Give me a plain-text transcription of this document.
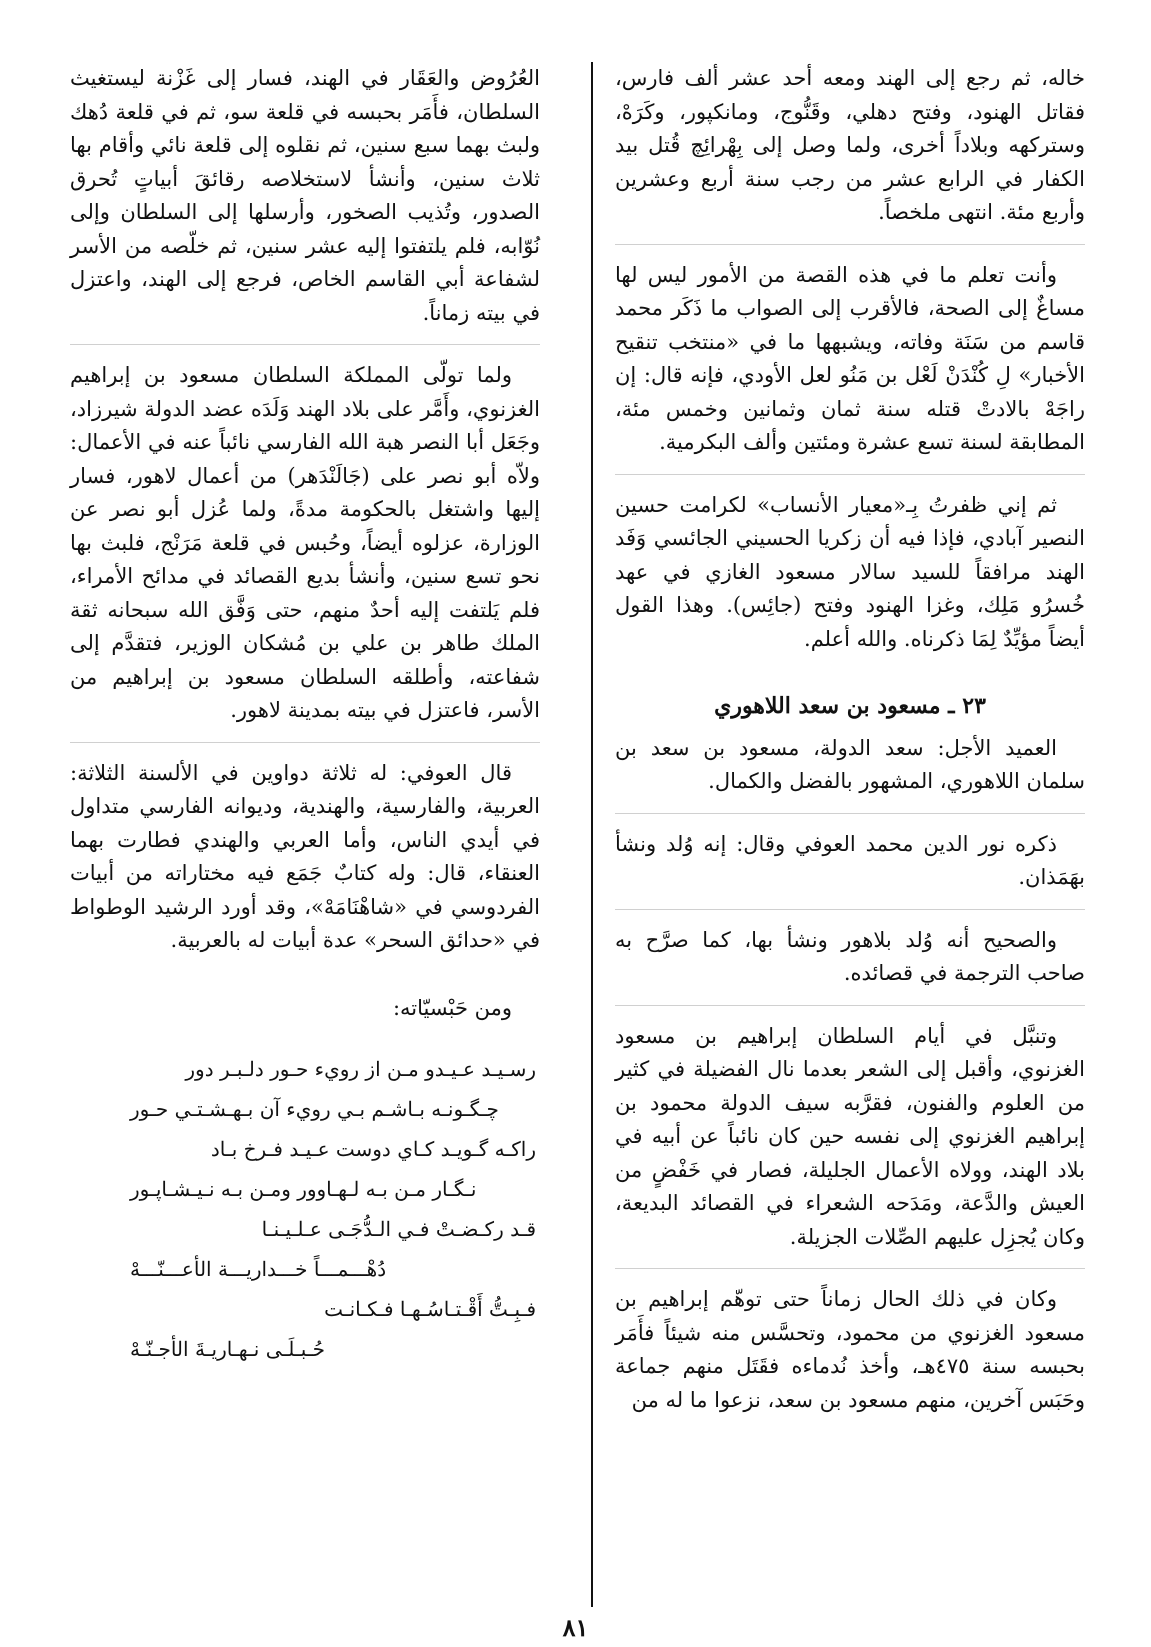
خاله، ثم رجع إلى الهند ومعه أحد عشر ألف فارس، فقاتل الهنود، وفتح دهلي، وقَنُّوج، ومانكپور، وكَرَهْ، وستركهه وبلاداً أخرى، ولما وصل إلى بِهْرائِچ قُتل بيد الكفار في الرابع عشر من رجب سنة أربع وعشرين وأربع مئة. انتهى ملخصاً.

وأنت تعلم ما في هذه القصة من الأمور ليس لها مساغٌ إلى الصحة، فالأقرب إلى الصواب ما ذَكَر محمد قاسم من سَنَة وفاته، ويشبهها ما في «منتخب تنقيح الأخبار» لِ كُنْدَنْ لَعْل بن مَنُو لعل الأودي، فإنه قال: إن راجَهْ بالادتْ قتله سنة ثمان وثمانين وخمس مئة، المطابقة لسنة تسع عشرة ومئتين وألف البكرمية.

ثم إني ظفرتُ بِـ«معيار الأنساب» لكرامت حسين النصير آبادي، فإذا فيه أن زكريا الحسيني الجائسي وَفَد الهند مرافقاً للسيد سالار مسعود الغازي في عهد خُسرُو مَلِك، وغزا الهنود وفتح (جائِس). وهذا القول أيضاً مؤيِّدٌ لِمَا ذكرناه. والله أعلم.

٢٣ ـ مسعود بن سعد اللاهوري

العميد الأجل: سعد الدولة، مسعود بن سعد بن سلمان اللاهوري، المشهور بالفضل والكمال.

ذكره نور الدين محمد العوفي وقال: إنه وُلد ونشأ بهَمَذان.

والصحيح أنه وُلد بلاهور ونشأ بها، كما صرَّح به صاحب الترجمة في قصائده.

وتنبَّل في أيام السلطان إبراهيم بن مسعود الغزنوي، وأقبل إلى الشعر بعدما نال الفضيلة في كثير من العلوم والفنون، فقرَّبه سيف الدولة محمود بن إبراهيم الغزنوي إلى نفسه حين كان نائباً عن أبيه في بلاد الهند، وولاه الأعمال الجليلة، فصار في خَفْضٍ من العيش والدَّعة، ومَدَحه الشعراء في القصائد البديعة، وكان يُجزِل عليهم الصِّلات الجزيلة.

وكان في ذلك الحال زماناً حتى توهّم إبراهيم بن مسعود الغزنوي من محمود، وتحسَّس منه شيئاً فأَمَر بحبسه سنة ٤٧٥هـ، وأخذ نُدماءه فقَتَل منهم جماعة وحَبَس آخرين، منهم مسعود بن سعد، نزعوا ما له من

العُرُوض والعَقَار في الهند، فسار إلى غَزْنة ليستغيث السلطان، فأَمَر بحبسه في قلعة سو، ثم في قلعة دُهك ولبث بهما سبع سنين، ثم نقلوه إلى قلعة نائي وأقام بها ثلاث سنين، وأنشأ لاستخلاصه رقائقَ أبياتٍ تُحرق الصدور، وتُذيب الصخور، وأرسلها إلى السلطان وإلى نُوّابه، فلم يلتفتوا إليه عشر سنين، ثم خلّصه من الأسر لشفاعة أبي القاسم الخاص، فرجع إلى الهند، واعتزل في بيته زماناً.

ولما تولّى المملكة السلطان مسعود بن إبراهيم الغزنوي، وأَمَّر على بلاد الهند وَلَدَه عضد الدولة شيرزاد، وجَعَل أبا النصر هبة الله الفارسي نائباً عنه في الأعمال: ولاّه أبو نصر على (جَالَنْدَهر) من أعمال لاهور، فسار إليها واشتغل بالحكومة مدةً، ولما عُزل أبو نصر عن الوزارة، عزلوه أيضاً، وحُبس في قلعة مَرَنْج، فلبث بها نحو تسع سنين، وأنشأ بديع القصائد في مدائح الأمراء، فلم يَلتفت إليه أحدٌ منهم، حتى وَفَّق الله سبحانه ثقة الملك طاهر بن علي بن مُشكان الوزير، فتقدَّم إلى شفاعته، وأطلقه السلطان مسعود بن إبراهيم من الأسر، فاعتزل في بيته بمدينة لاهور.

قال العوفي: له ثلاثة دواوين في الألسنة الثلاثة: العربية، والفارسية، والهندية، وديوانه الفارسي متداول في أيدي الناس، وأما العربي والهندي فطارت بهما العنقاء، قال: وله كتابٌ جَمَع فيه مختاراته من أبيات الفردوسي في «شاهْنَامَهْ»، وقد أورد الرشيد الوطواط في «حدائق السحر» عدة أبيات له بالعربية.

ومن حَبْسيّاته:

رسـيـد عـيـدو مـن از رويء حـور دلـبـر دور

چـگـونـه بـاشـم بـي رويء آن بـهـشـتـي حـور

راكـه گـويـد كـاي دوست عـيـد فـرخ بـاد

نـگـار مـن بـه لـهـاوور ومـن بـه نـيـشـاپـور

قـد ركـضـتْ فـي الـدُّجَـى عـلـيـنـا

دُهْـــمـــاً خـــداريـــة الأعـــنّـــهْ

فـبِـتُّ أَقْـتـاسُـهـا فـكـانـت

حُـبـلَـى نـهـاريـةَ الأجـنّـهْ

٨١
